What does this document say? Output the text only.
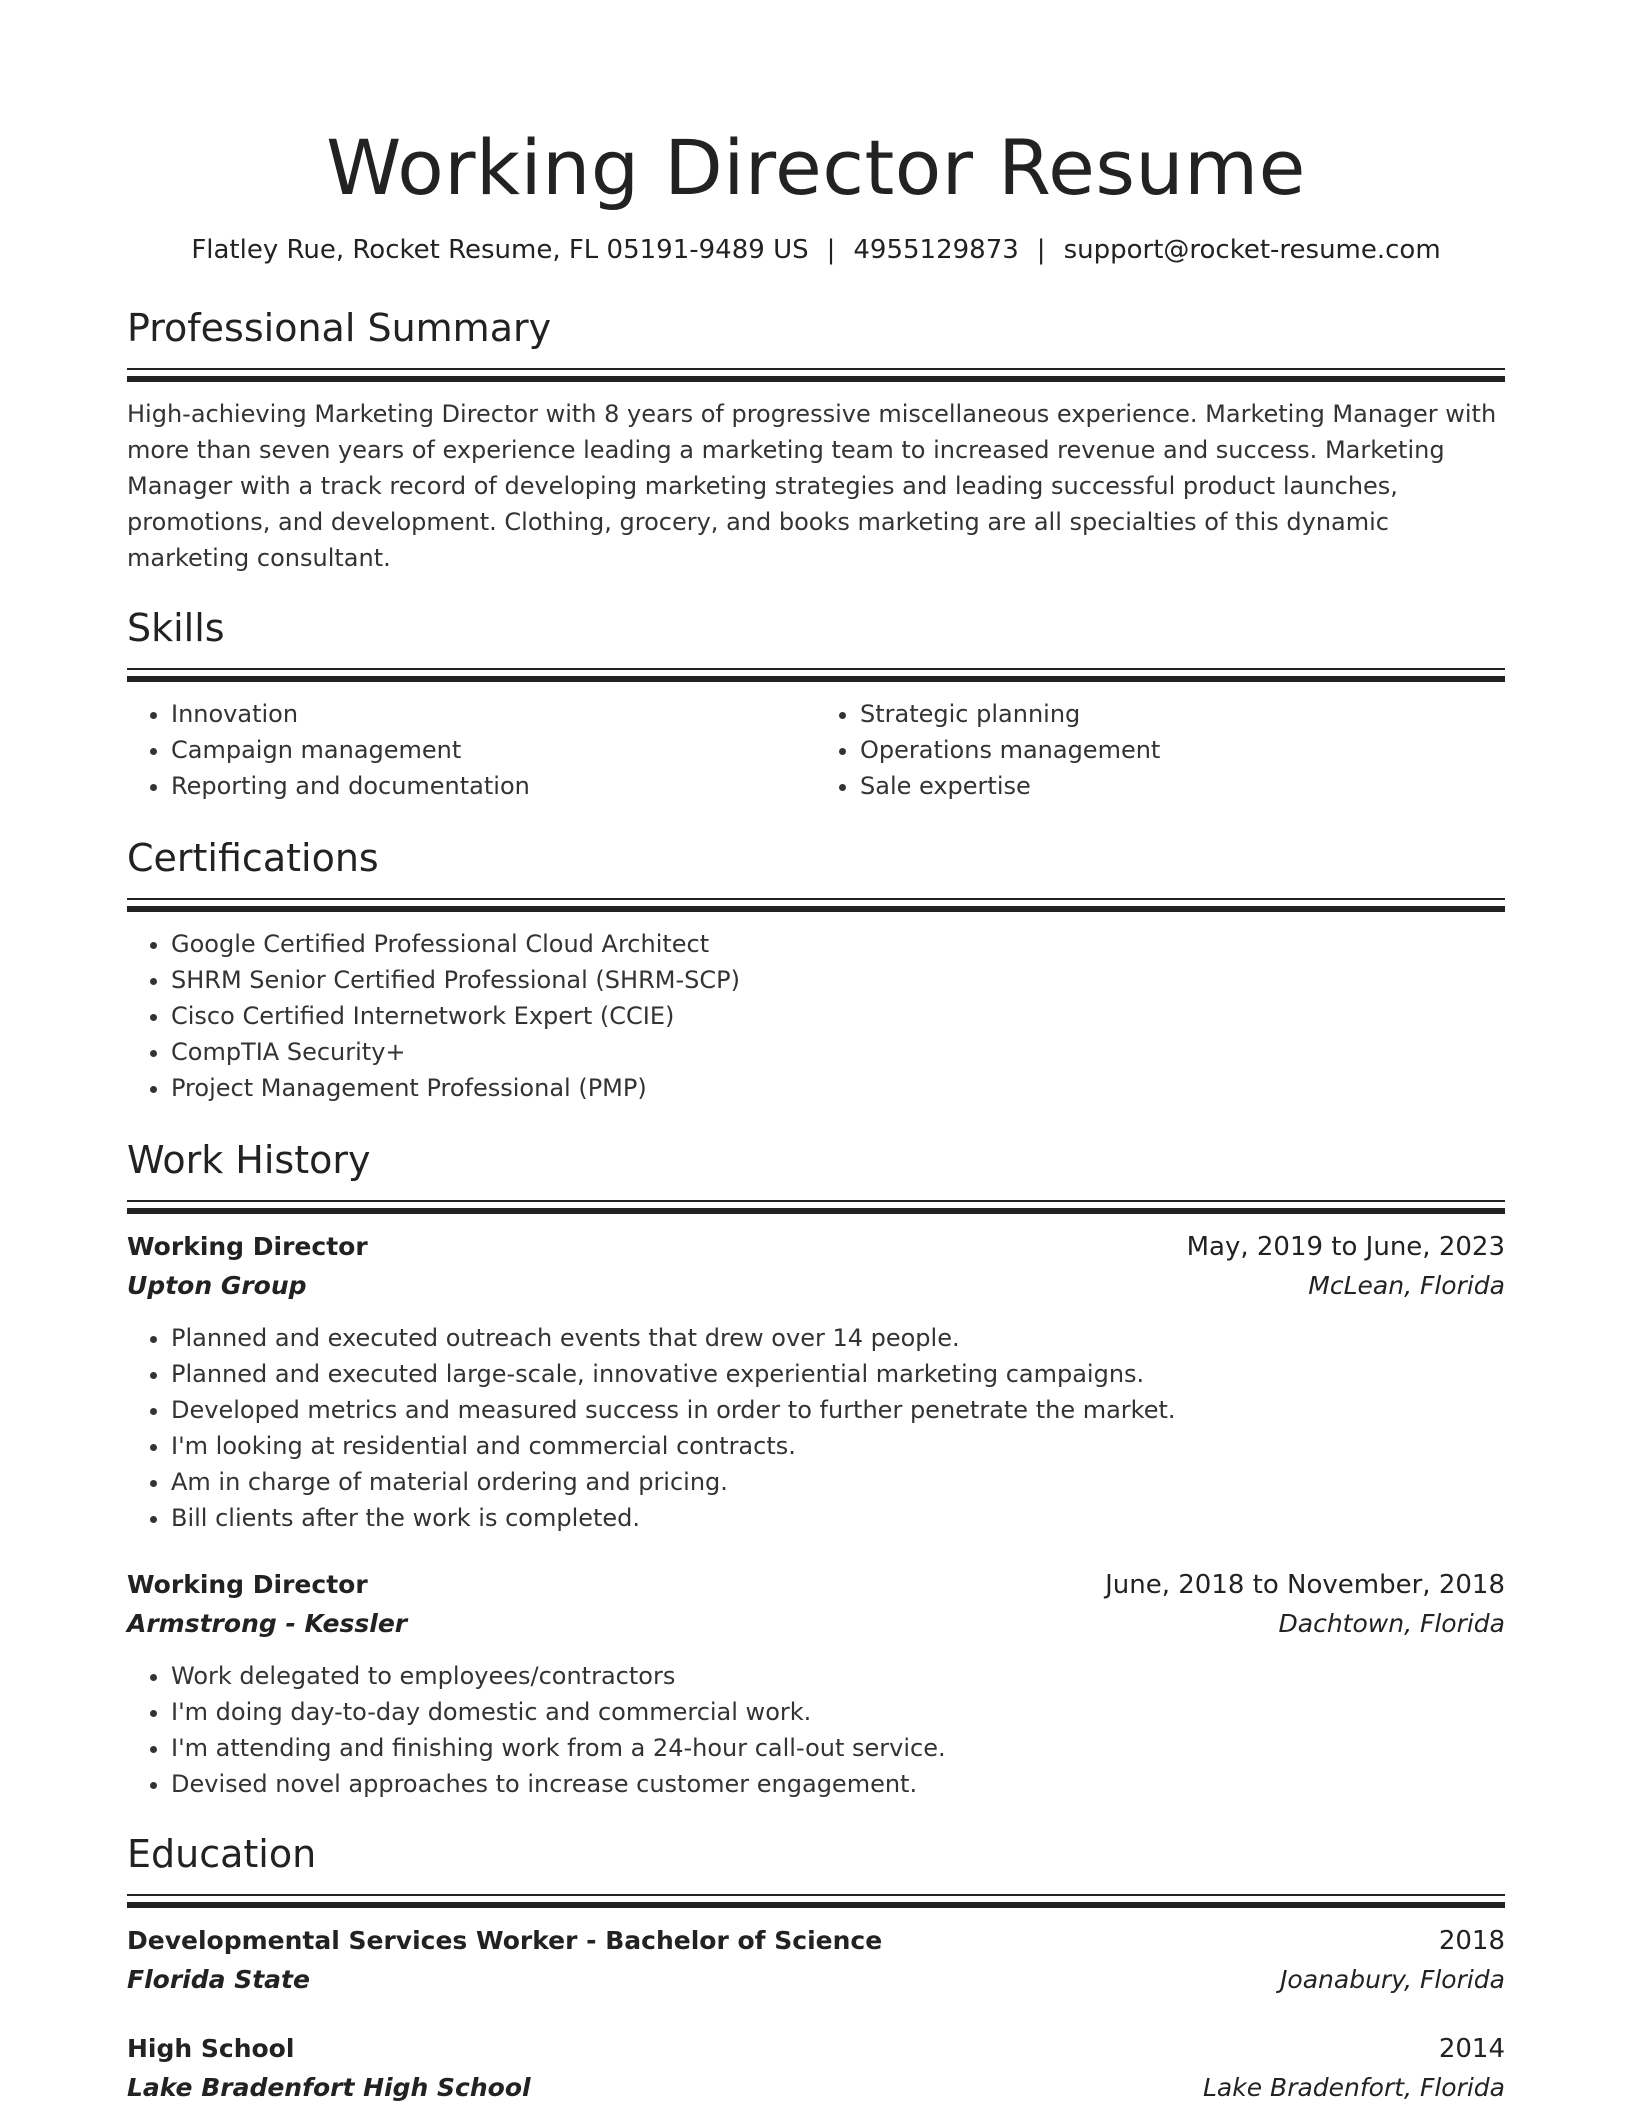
Working Director Resume
Flatley Rue, Rocket Resume, FL 05191-9489 US | 4955129873 | support@rocket-resume.com
Professional Summary

High-achieving Marketing Director with 8 years of progressive miscellaneous experience. Marketing Manager with more than seven years of experience leading a marketing team to increased revenue and success. Marketing Manager with a track record of developing marketing strategies and leading successful product launches, promotions, and development. Clothing, grocery, and books marketing are all specialties of this dynamic marketing consultant.

Skills
• Innovation
• Campaign management
• Reporting and documentation
• Strategic planning
• Operations management
• Sale expertise
Certifications
• Google Certified Professional Cloud Architect
• SHRM Senior Certified Professional (SHRM-SCP)
• Cisco Certified Internetwork Expert (CCIE)
• CompTIA Security+
• Project Management Professional (PMP)
Work History
Working Director	May, 2019 to June, 2023
Upton Group	McLean, Florida
• Planned and executed outreach events that drew over 14 people.
• Planned and executed large-scale, innovative experiential marketing campaigns.
• Developed metrics and measured success in order to further penetrate the market.
• I'm looking at residential and commercial contracts.
• Am in charge of material ordering and pricing.
• Bill clients after the work is completed.
Working Director	June, 2018 to November, 2018
Armstrong - Kessler	Dachtown, Florida
• Work delegated to employees/contractors
• I'm doing day-to-day domestic and commercial work.
• I'm attending and finishing work from a 24-hour call-out service.
• Devised novel approaches to increase customer engagement.
Education
Developmental Services Worker - Bachelor of Science	2018
Florida State	Joanabury, Florida
High School	2014
Lake Bradenfort High School	Lake Bradenfort, Florida
